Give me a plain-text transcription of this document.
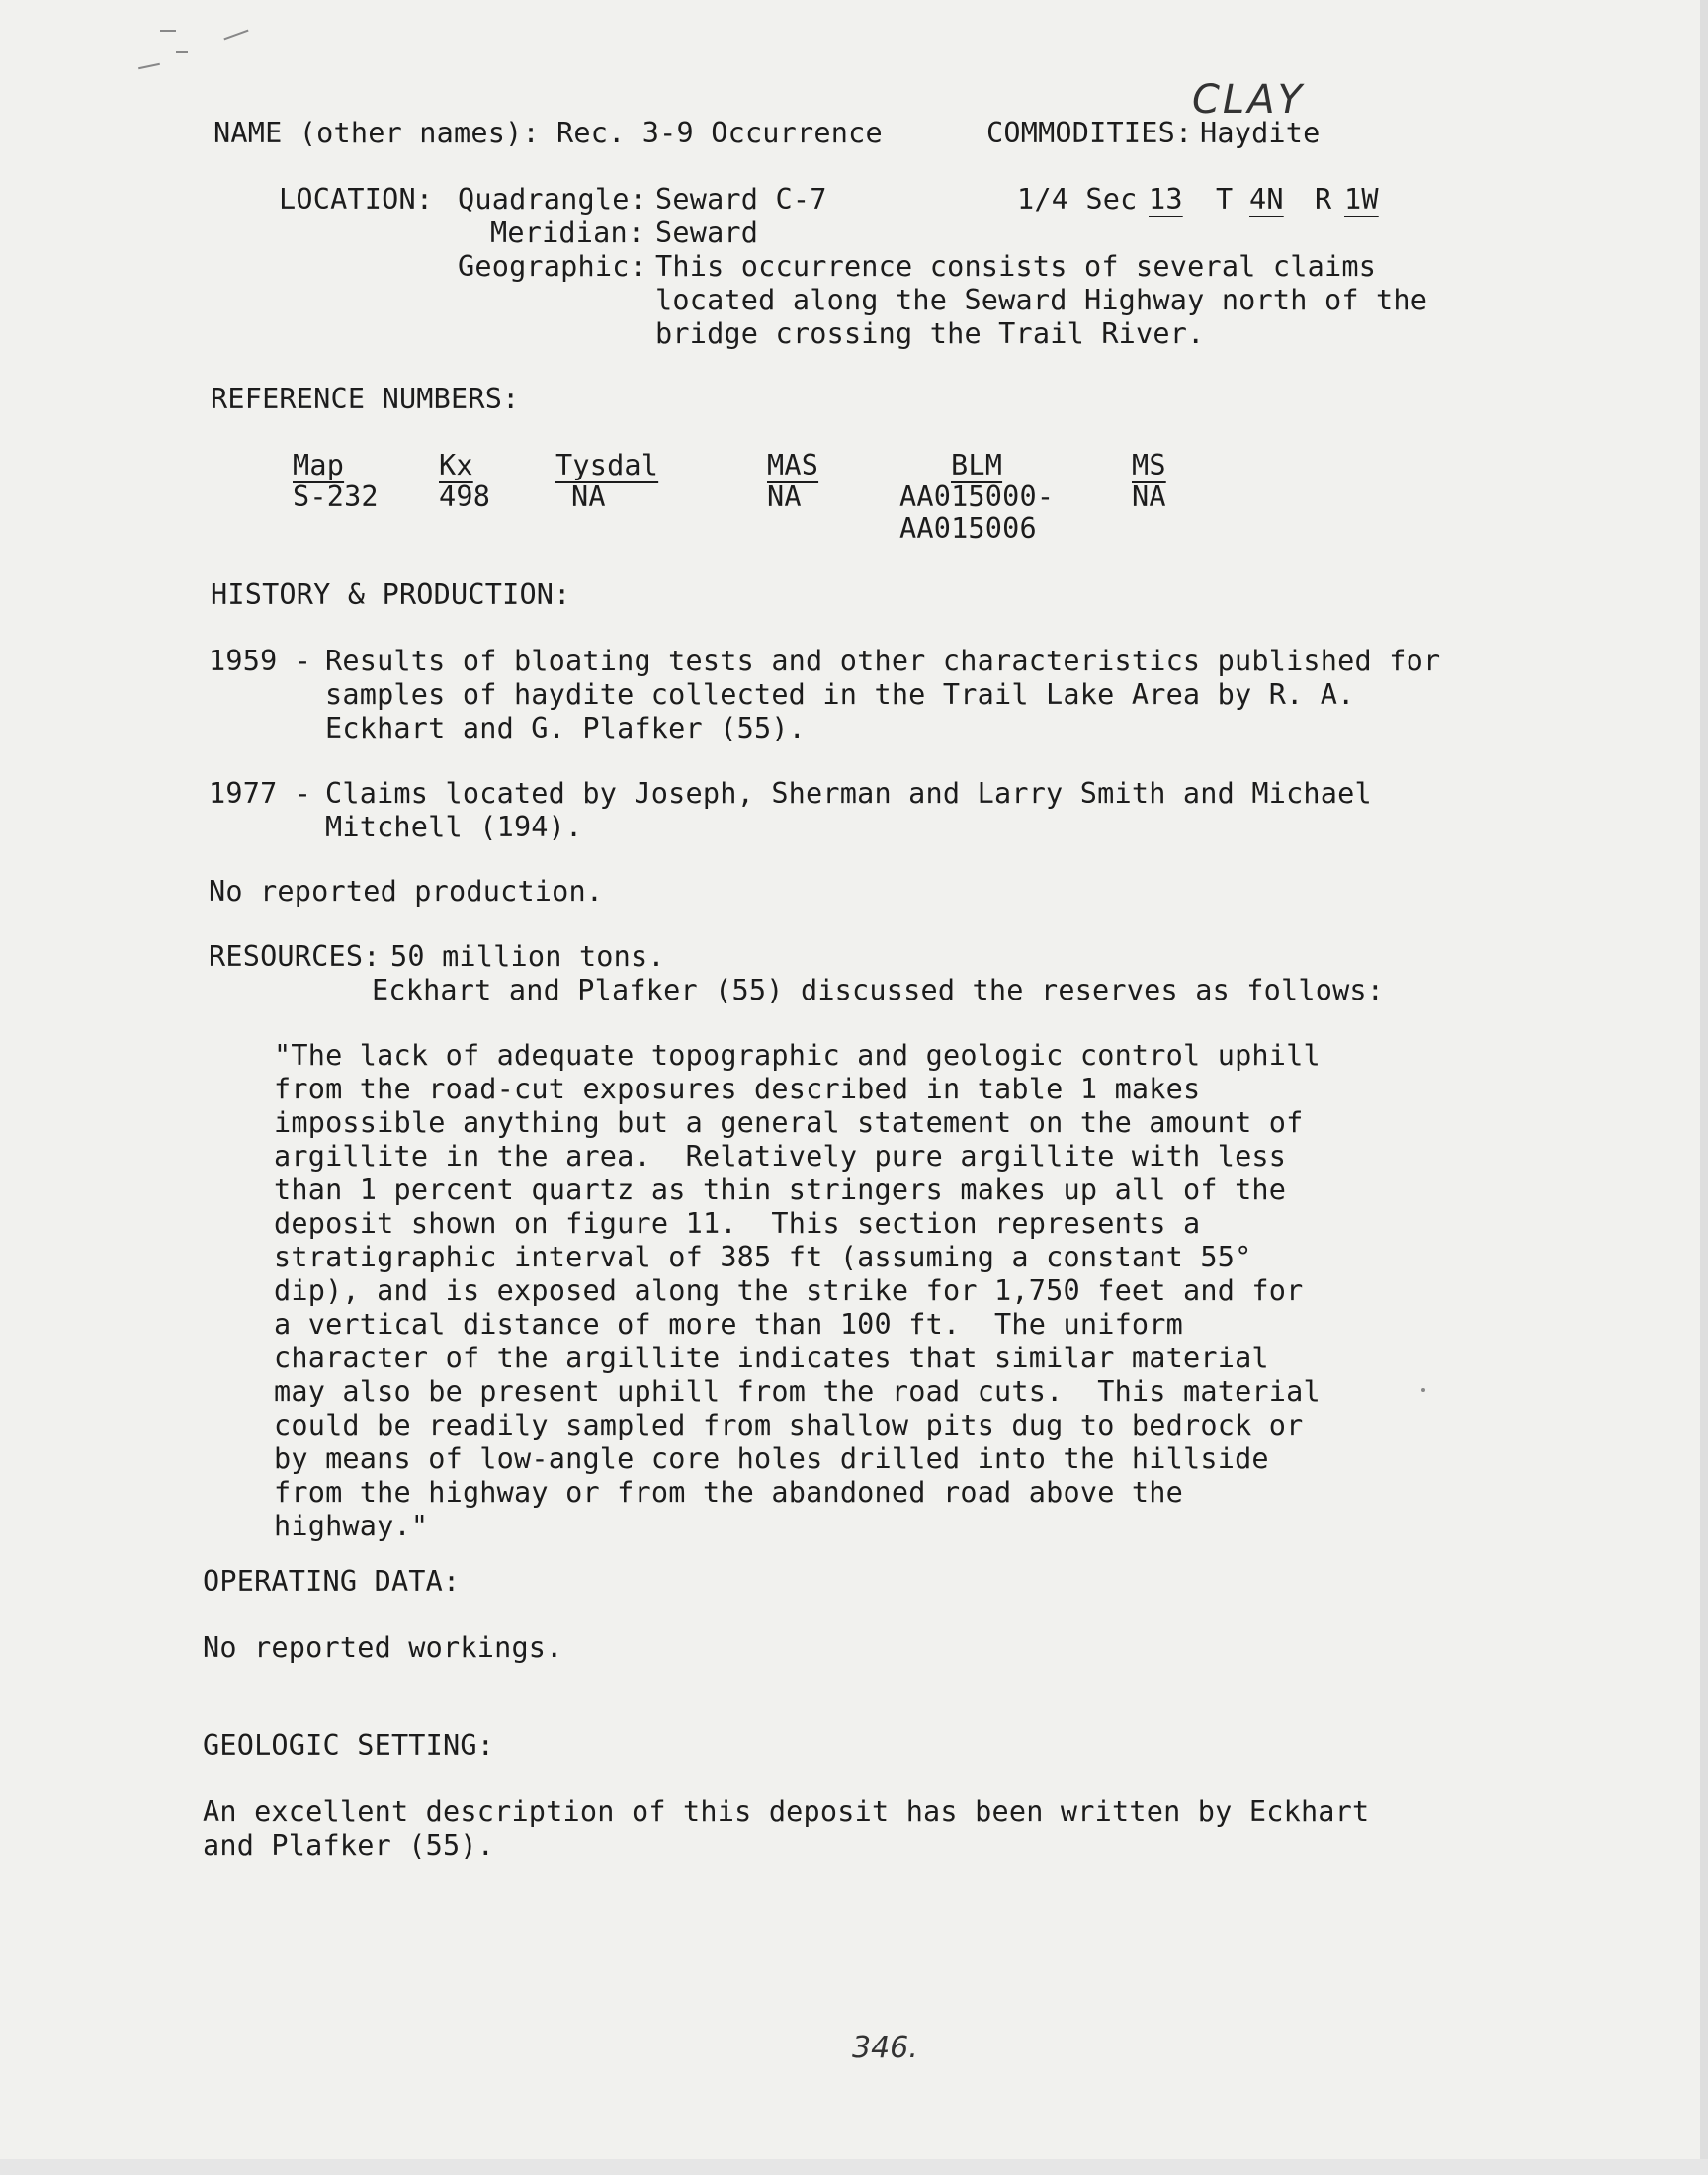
CLAY
NAME (other names): Rec. 3-9 Occurrence	COMMODITIES: Haydite
LOCATION: Quadrangle: Seward C-7	1/4 Sec 13 T 4N R 1W
Meridian: Seward
Geographic: This occurrence consists of several claims
located along the Seward Highway north of the
bridge crossing the Trail River.
REFERENCE NUMBERS:
Map
S-232
Kx
498
Tysdal
NA
MAS
NA
BLM
AA015000-
AA015006
MS
NA
HISTORY & PRODUCTION:
1959 - Results of bloating tests and other characteristics published for
samples of haydite collected in the Trail Lake Area by R. A.
Eckhart and G. Plafker (55).
1977 - Claims located by Joseph, Sherman and Larry Smith and Michael
Mitchell (194).
No reported production.
RESOURCES: 50 million tons.
Eckhart and Plafker (55) discussed the reserves as follows:
"The lack of adequate topographic and geologic control uphill
from the road-cut exposures described in table 1 makes
impossible anything but a general statement on the amount of
argillite in the area.  Relatively pure argillite with less
than 1 percent quartz as thin stringers makes up all of the
deposit shown on figure 11.  This section represents a
stratigraphic interval of 385 ft (assuming a constant 55°
dip), and is exposed along the strike for 1,750 feet and for
a vertical distance of more than 100 ft.  The uniform
character of the argillite indicates that similar material
may also be present uphill from the road cuts.  This material
could be readily sampled from shallow pits dug to bedrock or
by means of low-angle core holes drilled into the hillside
from the highway or from the abandoned road above the
highway."
OPERATING DATA:
No reported workings.
GEOLOGIC SETTING:
An excellent description of this deposit has been written by Eckhart
and Plafker (55).
346.
